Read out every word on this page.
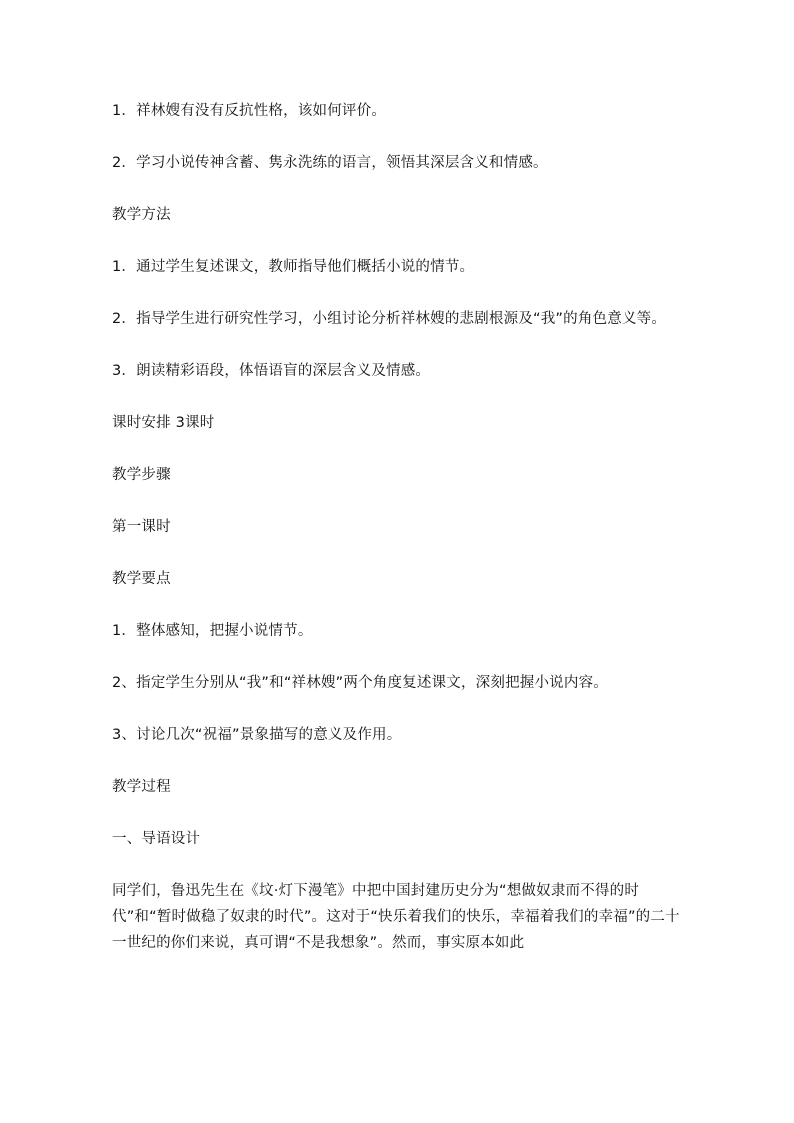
1．祥林嫂有没有反抗性格，该如何评价。

2．学习小说传神含蓄、隽永洗练的语言，领悟其深层含义和情感。

教学方法

1．通过学生复述课文，教师指导他们概括小说的情节。

2．指导学生进行研究性学习，小组讨论分析祥林嫂的悲剧根源及“我”的角色意义等。

3．朗读精彩语段，体悟语盲的深层含义及情感。

课时安排 3课时

教学步骤

第一课时

教学要点

1．整体感知，把握小说情节。

2、指定学生分别从“我”和“祥林嫂”两个角度复述课文，深刻把握小说内容。

3、讨论几次“祝福”景象描写的意义及作用。

教学过程

一、导语设计

同学们，鲁迅先生在《坟·灯下漫笔》中把中国封建历史分为“想做奴隶而不得的时代”和“暂时做稳了奴隶的时代”。这对于“快乐着我们的快乐，幸福着我们的幸福”的二十一世纪的你们来说，真可谓“不是我想象”。然而，事实原本如此
